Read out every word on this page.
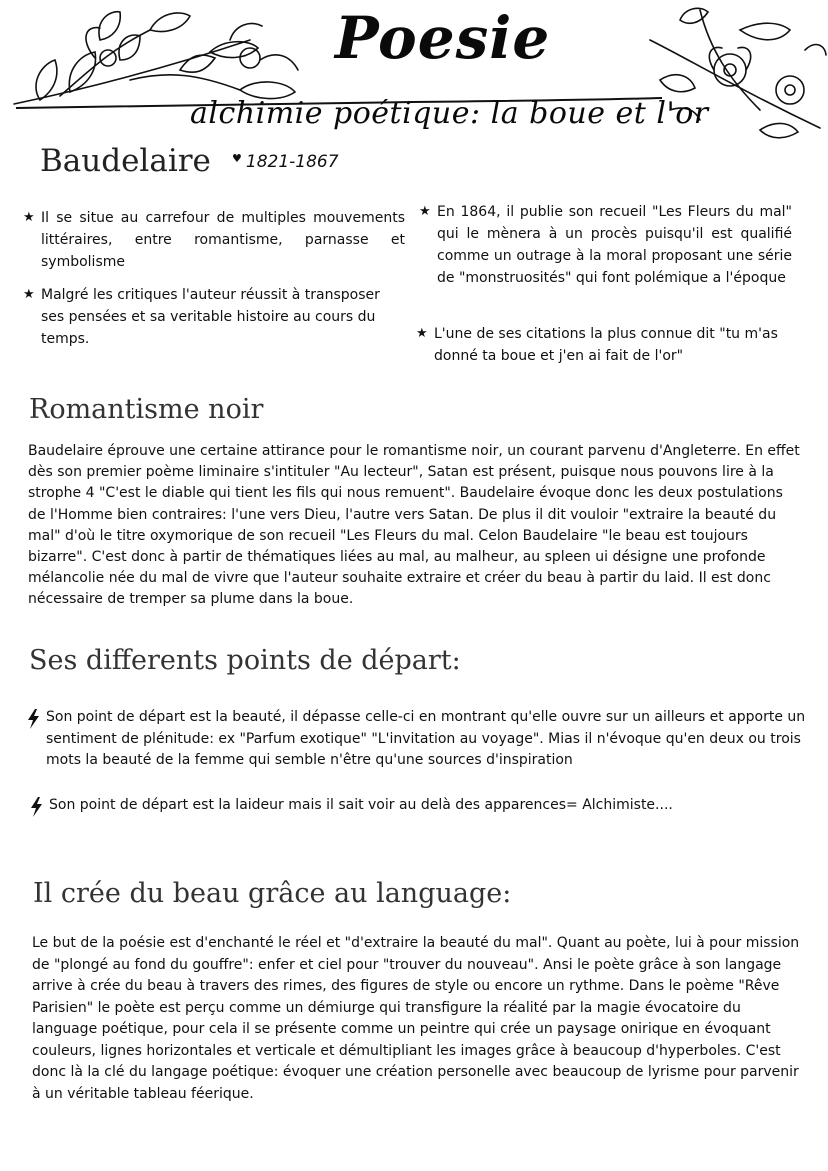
Poesie
alchimie poétique: la boue et l'or
Baudelaire ♥ 1821-1867
★ Il se situe au carrefour de multiples mouvements littéraires, entre romantisme, parnasse et symbolisme
★ Malgré les critiques l'auteur réussit à transposer ses pensées et sa veritable histoire au cours du temps.
★ En 1864, il publie son recueil "Les Fleurs du mal" qui le mènera à un procès puisqu'il est qualifié comme un outrage à la moral proposant une série de "monstruosités" qui font polémique a l'époque
★ L'une de ses citations la plus connue dit "tu m'as donné ta boue et j'en ai fait de l'or"
Romantisme noir
Baudelaire éprouve une certaine attirance pour le romantisme noir, un courant parvenu d'Angleterre. En effet dès son premier poème liminaire s'intituler "Au lecteur", Satan est présent, puisque nous pouvons lire à la strophe 4 "C'est le diable qui tient les fils qui nous remuent". Baudelaire évoque donc les deux postulations de l'Homme bien contraires: l'une vers Dieu, l'autre vers Satan. De plus il dit vouloir "extraire la beauté du mal" d'où le titre oxymorique de son recueil "Les Fleurs du mal. Celon Baudelaire "le beau est toujours bizarre". C'est donc à partir de thématiques liées au mal, au malheur, au spleen ui désigne une profonde mélancolie née du mal de vivre que l'auteur souhaite extraire et créer du beau à partir du laid. Il est donc nécessaire de tremper sa plume dans la boue.
Ses differents points de départ:
Son point de départ est la beauté, il dépasse celle-ci en montrant qu'elle ouvre sur un ailleurs et apporte un sentiment de plénitude: ex "Parfum exotique" "L'invitation au voyage". Mias il n'évoque qu'en deux ou trois mots la beauté de la femme qui semble n'être qu'une sources d'inspiration
Son point de départ est la laideur mais il sait voir au delà des apparences= Alchimiste....
Il crée du beau grâce au language:
Le but de la poésie est d'enchanté le réel et "d'extraire la beauté du mal". Quant au poète, lui à pour mission de "plongé au fond du gouffre": enfer et ciel pour "trouver du nouveau". Ansi le poète grâce à son langage arrive à crée du beau à travers des rimes, des figures de style ou encore un rythme. Dans le poème "Rêve Parisien" le poète est perçu comme un démiurge qui transfigure la réalité par la magie évocatoire du language poétique, pour cela il se présente comme un peintre qui crée un paysage onirique en évoquant couleurs, lignes horizontales et verticale et démultipliant les images grâce à beaucoup d'hyperboles. C'est donc là la clé du langage poétique: évoquer une création personelle avec beaucoup de lyrisme pour parvenir à un véritable tableau féerique.
